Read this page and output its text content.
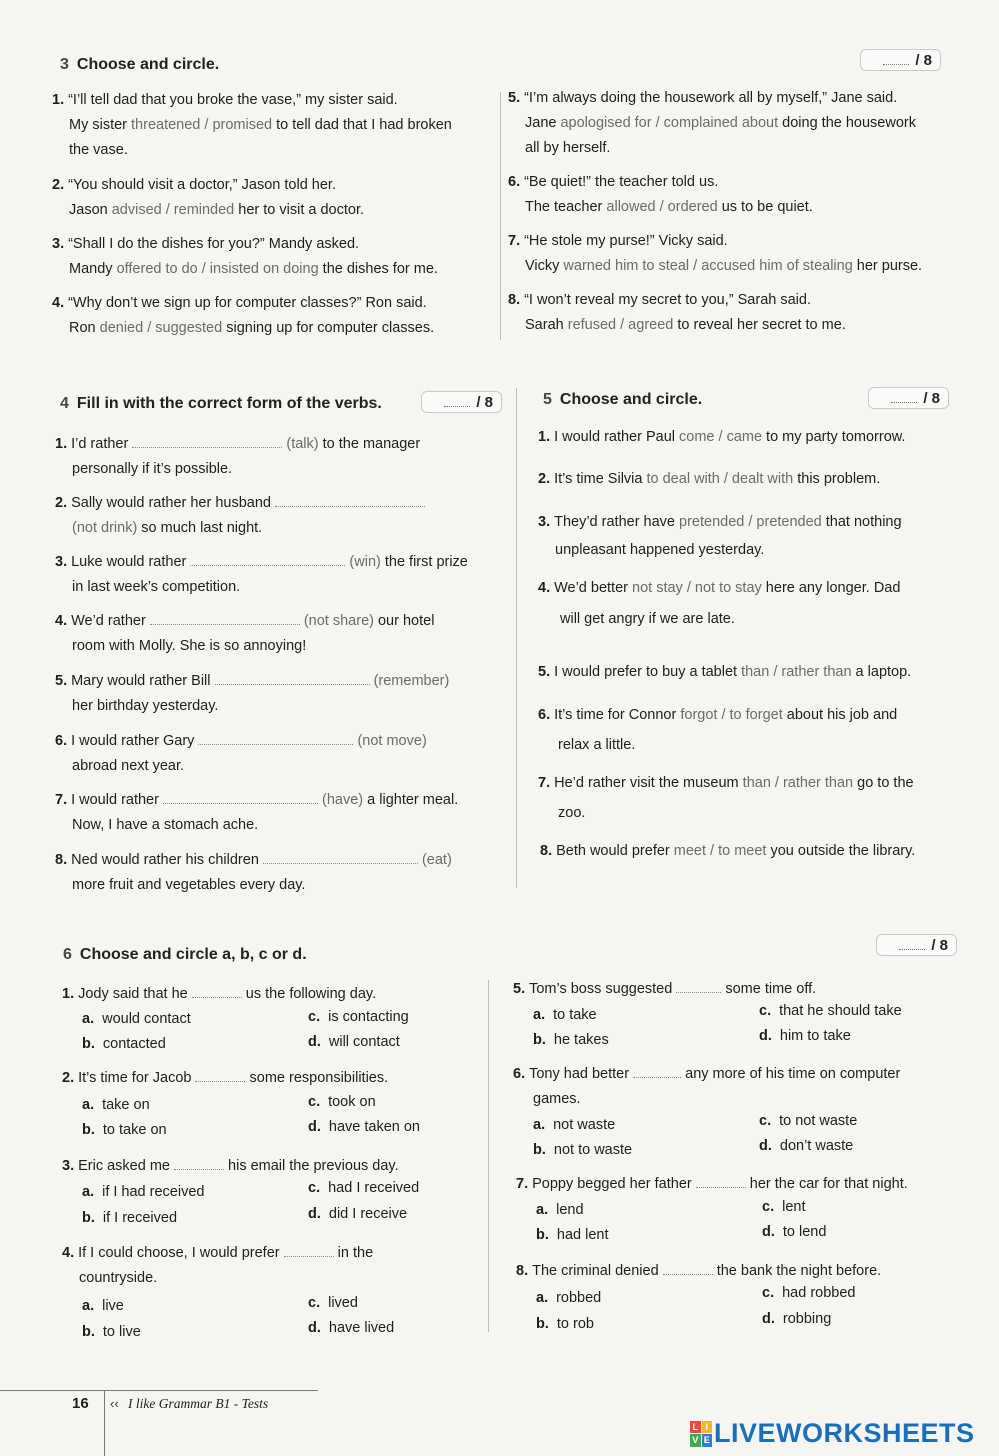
3 Choose and circle.	/ 8
1. “I’ll tell dad that you broke the vase,” my sister said.
My sister threatened / promised to tell dad that I had broken
the vase.
2. “You should visit a doctor,” Jason told her.
Jason advised / reminded her to visit a doctor.
3. “Shall I do the dishes for you?” Mandy asked.
Mandy offered to do / insisted on doing the dishes for me.
4. “Why don’t we sign up for computer classes?” Ron said.
Ron denied / suggested signing up for computer classes.
5. “I’m always doing the housework all by myself,” Jane said.
Jane apologised for / complained about doing the housework
all by herself.
6. “Be quiet!” the teacher told us.
The teacher allowed / ordered us to be quiet.
7. “He stole my purse!” Vicky said.
Vicky warned him to steal / accused him of stealing her purse.
8. “I won’t reveal my secret to you,” Sarah said.
Sarah refused / agreed to reveal her secret to me.
4 Fill in with the correct form of the verbs.	/ 8
1. I’d rather	(talk) to the manager
personally if it’s possible.
2. Sally would rather her husband
(not drink) so much last night.
3. Luke would rather	(win) the first prize
in last week’s competition.
4. We’d rather	(not share) our hotel
room with Molly. She is so annoying!
5. Mary would rather Bill	(remember)
her birthday yesterday.
6. I would rather Gary	(not move)
abroad next year.
7. I would rather	(have) a lighter meal.
Now, I have a stomach ache.
8. Ned would rather his children	(eat)
more fruit and vegetables every day.
5 Choose and circle.	/ 8
1. I would rather Paul come / came to my party tomorrow.
2. It’s time Silvia to deal with / dealt with this problem.
3. They’d rather have pretended / pretended that nothing
unpleasant happened yesterday.
4. We’d better not stay / not to stay here any longer. Dad
will get angry if we are late.
5. I would prefer to buy a tablet than / rather than a laptop.
6. It’s time for Connor forgot / to forget about his job and
relax a little.
7. He’d rather visit the museum than / rather than go to the
zoo.
8. Beth would prefer meet / to meet you outside the library.
6 Choose and circle a, b, c or d.
/ 8
1. Jody said that he	us the following day.
a. would contact	c. is contacting
b. contacted	d. will contact
2. It’s time for Jacob	some responsibilities.
a. take on	c. took on
b. to take on	d. have taken on
3. Eric asked me	his email the previous day.
a. if I had received	c. had I received
b. if I received	d. did I receive
4. If I could choose, I would prefer	in the
countryside.
a. live	c. lived
b. to live	d. have lived
5. Tom’s boss suggested	some time off.
a. to take	c. that he should take
b. he takes	d. him to take
6. Tony had better	any more of his time on computer
games.
a. not waste	c. to not waste
b. not to waste	d. don’t waste
7. Poppy begged her father	her the car for that night.
a. lend	c. lent
b. had lent	d. to lend
8. The criminal denied	the bank the night before.
a. robbed	c. had robbed
b. to rob	d. robbing
16 ‹‹ I like Grammar B1 - Tests
L I
V E LIVEWORKSHEETS
